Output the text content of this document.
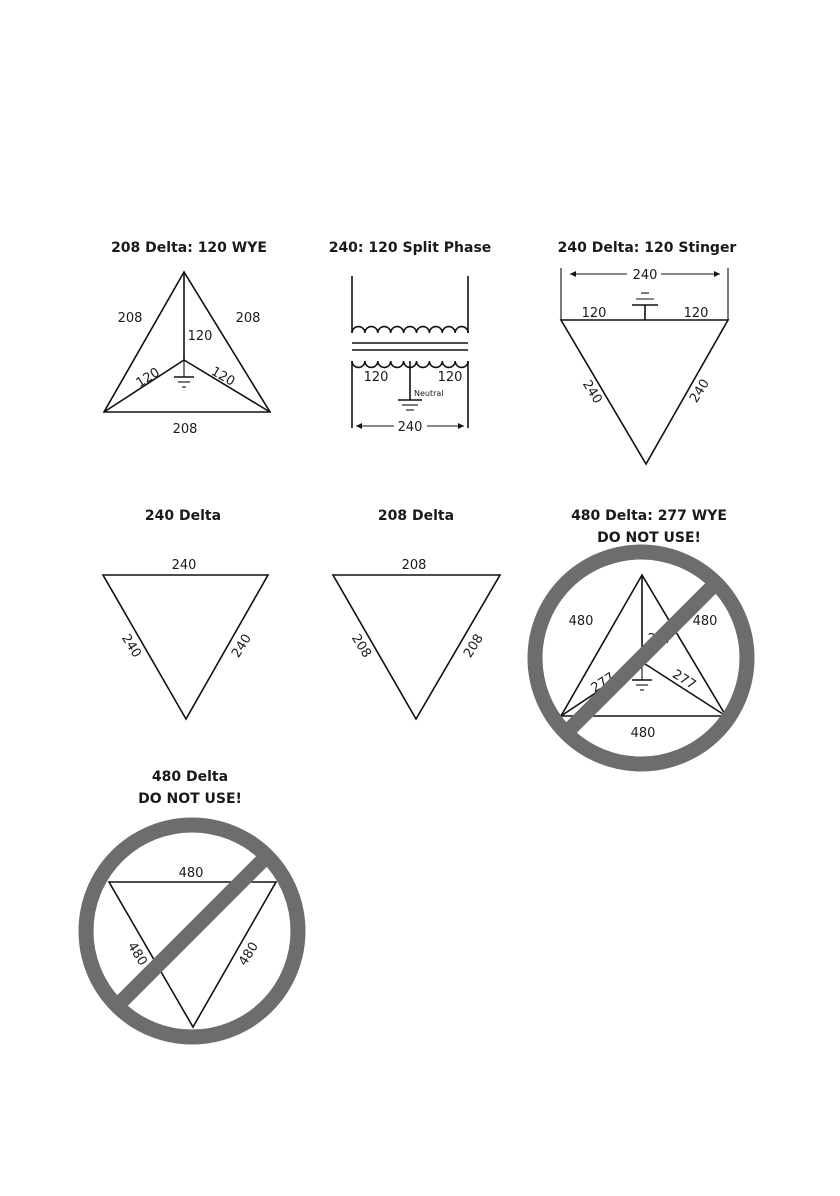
208 Delta: 120 WYE
208	208
120
120	120
208
240: 120 Split Phase
120	120
Neutral
240
240 Delta: 120 Stinger
240
120	120
240	240
240 Delta
240
240	240
208 Delta
208
208	208
480 Delta: 277 WYE
DO NOT USE!
480	480
277
277	277
480
480 Delta
DO NOT USE!
480
480	480
